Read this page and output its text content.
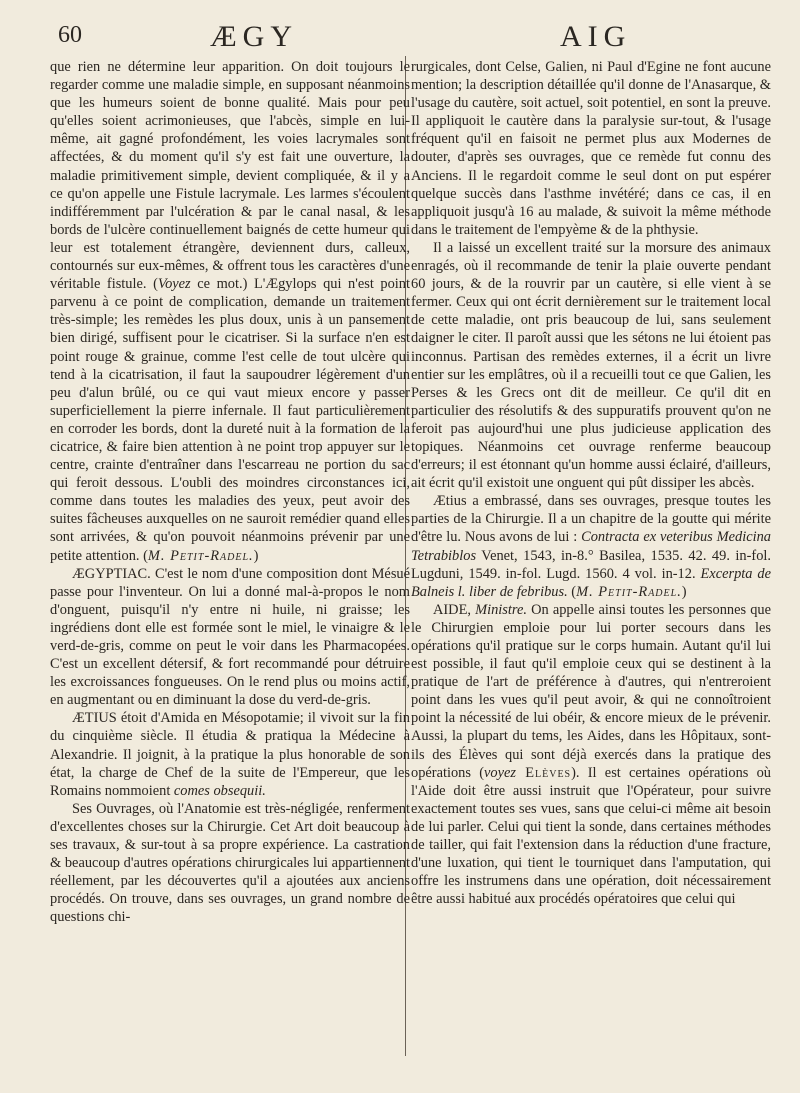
60	ÆGY	AIG

que rien ne détermine leur apparition. On doit toujours le regarder comme une maladie simple, en supposant néanmoins que les humeurs soient de bonne qualité. Mais pour peu qu'elles soient acrimonieuses, que l'abcès, simple en lui-même, ait gagné profondément, les voies lacrymales sont affectées, & du moment qu'il s'y est fait une ouverture, la maladie primitivement simple, devient compliquée, & il y a ce qu'on appelle une Fistule lacrymale. Les larmes s'écoulent indifféremment par l'ulcération & par le canal nasal, & les bords de l'ulcère continuellement baignés de cette humeur qui leur est totalement étrangère, deviennent durs, calleux, contournés sur eux-mêmes, & offrent tous les caractères d'une véritable fistule. (Voyez ce mot.) L'Ægylops qui n'est point parvenu à ce point de complication, demande un traitement très-simple; les remèdes les plus doux, unis à un pansement bien dirigé, suffisent pour le cicatriser. Si la surface n'en est point rouge & grainue, comme l'est celle de tout ulcère qui tend à la cicatrisation, il faut la saupoudrer légèrement d'un peu d'alun brûlé, ou ce qui vaut mieux encore y passer superficiellement la pierre infernale. Il faut particulièrement en corroder les bords, dont la dureté nuit à la formation de la cicatrice, & faire bien attention à ne point trop appuyer sur le centre, crainte d'entraîner dans l'escarreau ne portion du sac qui feroit dessous. L'oubli des moindres circonstances ici, comme dans toutes les maladies des yeux, peut avoir des suites fâcheuses auxquelles on ne sauroit remédier quand elles sont arrivées, & qu'on pouvoit néanmoins prévenir par une petite attention. (M. Petit-Radel.)

ÆGYPTIAC. C'est le nom d'une composition dont Mésué passe pour l'inventeur. On lui a donné mal-à-propos le nom d'onguent, puisqu'il n'y entre ni huile, ni graisse; les ingrédiens dont elle est formée sont le miel, le vinaigre & le verd-de-gris, comme on peut le voir dans les Pharmacopées. C'est un excellent détersif, & fort recommandé pour détruire les excroissances fongueuses. On le rend plus ou moins actif, en augmentant ou en diminuant la dose du verd-de-gris.

ÆTIUS étoit d'Amida en Mésopotamie; il vivoit sur la fin du cinquième siècle. Il étudia & pratiqua la Médecine à Alexandrie. Il joignit, à la pratique la plus honorable de son état, la charge de Chef de la suite de l'Empereur, que les Romains nommoient comes obsequii.

Ses Ouvrages, où l'Anatomie est très-négligée, renferment d'excellentes choses sur la Chirurgie. Cet Art doit beaucoup à ses travaux, & sur-tout à sa propre expérience. La castration & beaucoup d'autres opérations chirurgicales lui appartiennent réellement, par les découvertes qu'il a ajoutées aux anciens procédés. On trouve, dans ses ouvrages, un grand nombre de questions chi-

rurgicales, dont Celse, Galien, ni Paul d'Egine ne font aucune mention; la description détaillée qu'il donne de l'Anasarque, & l'usage du cautère, soit actuel, soit potentiel, en sont la preuve. Il appliquoit le cautère dans la paralysie sur-tout, & l'usage fréquent qu'il en faisoit ne permet plus aux Modernes de douter, d'après ses ouvrages, que ce remède fut connu des Anciens. Il le regardoit comme le seul dont on put espérer quelque succès dans l'asthme invétéré; dans ce cas, il en appliquoit jusqu'à 16 au malade, & suivoit la même méthode dans le traitement de l'empyème & de la phthysie.

Il a laissé un excellent traité sur la morsure des animaux enragés, où il recommande de tenir la plaie ouverte pendant 60 jours, & de la rouvrir par un cautère, si elle vient à se fermer. Ceux qui ont écrit dernièrement sur le traitement local de cette maladie, ont pris beaucoup de lui, sans seulement daigner le citer. Il paroît aussi que les sétons ne lui étoient pas inconnus. Partisan des remèdes externes, il a écrit un livre entier sur les emplâtres, où il a recueilli tout ce que Galien, les Perses & les Grecs ont dit de meilleur. Ce qu'il dit en particulier des résolutifs & des suppuratifs prouvent qu'on ne feroit pas aujourd'hui une plus judicieuse application des topiques. Néanmoins cet ouvrage renferme beaucoup d'erreurs; il est étonnant qu'un homme aussi éclairé, d'ailleurs, ait écrit qu'il existoit une onguent qui pût dissiper les abcès.

Ætius a embrassé, dans ses ouvrages, presque toutes les parties de la Chirurgie. Il a un chapitre de la goutte qui mérite d'être lu. Nous avons de lui : Contracta ex veteribus Medicina Tetrabiblos Venet, 1543, in-8.° Basilea, 1535. 42. 49. in-fol. Lugduni, 1549. in-fol. Lugd. 1560. 4 vol. in-12. Excerpta de Balneis l. liber de febribus. (M. Petit-Radel.)

AIDE, Ministre. On appelle ainsi toutes les personnes que le Chirurgien emploie pour lui porter secours dans les opérations qu'il pratique sur le corps humain. Autant qu'il lui est possible, il faut qu'il emploie ceux qui se destinent à la pratique de l'art de préférence à d'autres, qui n'entreroient point dans les vues qu'il peut avoir, & qui ne connoîtroient point la nécessité de lui obéir, & encore mieux de le prévenir. Aussi, la plupart du tems, les Aides, dans les Hôpitaux, sont-ils des Élèves qui sont déjà exercés dans la pratique des opérations (voyez Elèves). Il est certaines opérations où l'Aide doit être aussi instruit que l'Opérateur, pour suivre exactement toutes ses vues, sans que celui-ci même ait besoin de lui parler. Celui qui tient la sonde, dans certaines méthodes de tailler, qui fait l'extension dans la réduction d'une fracture, d'une luxation, qui tient le tourniquet dans l'amputation, qui offre les instrumens dans une opération, doit nécessairement être aussi habitué aux procédés opératoires que celui qui
